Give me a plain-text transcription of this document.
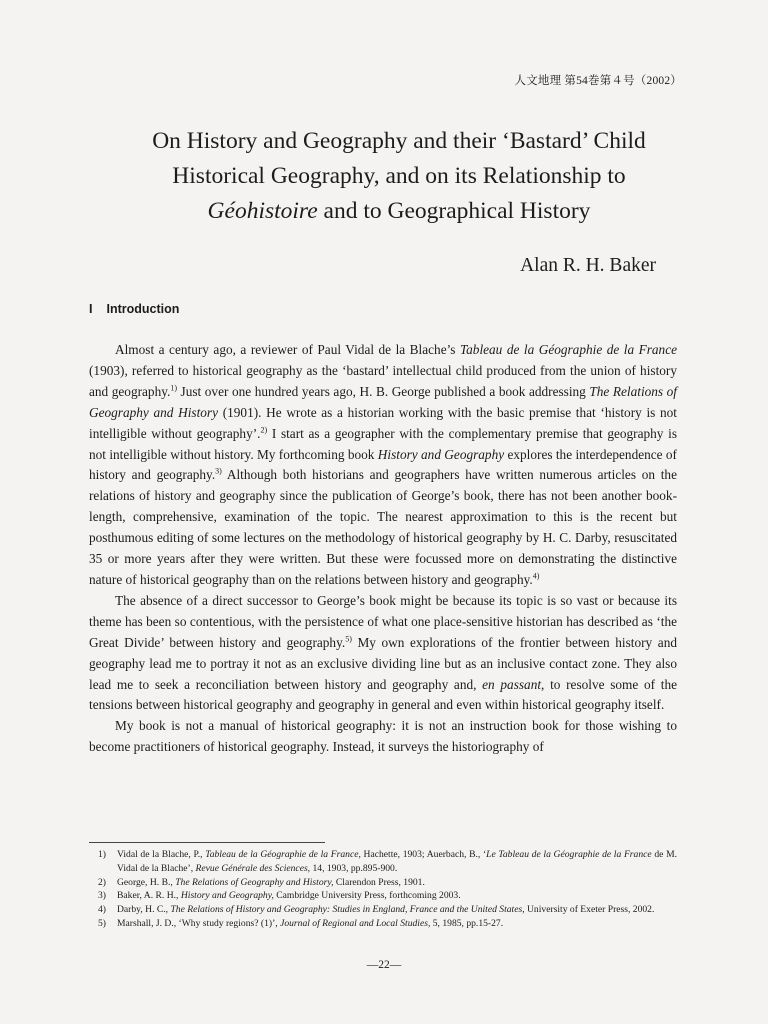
人文地理 第54巻第４号（2002）
On History and Geography and their ‘Bastard’ Child
Historical Geography, and on its Relationship to
Géohistoire and to Geographical History
Alan R. H. Baker
I Introduction

Almost a century ago, a reviewer of Paul Vidal de la Blache’s Tableau de la Géographie de la France (1903), referred to historical geography as the ‘bastard’ intellectual child produced from the union of history and geography.$^{1)}$ Just over one hundred years ago, H. B. George published a book addressing The Relations of Geography and History (1901). He wrote as a historian working with the basic premise that ‘history is not intelligible without geography’.$^{2)}$ I start as a geographer with the complementary premise that geography is not intelligible without history. My forthcoming book History and Geography explores the interdependence of history and geography.$^{3)}$ Although both historians and geographers have written numerous articles on the relations of history and geography since the publication of George’s book, there has not been another book-length, comprehensive, examination of the topic. The nearest approximation to this is the recent but posthumous editing of some lectures on the methodology of historical geography by H. C. Darby, resuscitated 35 or more years after they were written. But these were focussed more on demonstrating the distinctive nature of historical geography than on the relations between history and geography.$^{4)}$

The absence of a direct successor to George’s book might be because its topic is so vast or because its theme has been so contentious, with the persistence of what one place-sensitive historian has described as ‘the Great Divide’ between history and geography.$^{5)}$ My own explorations of the frontier between history and geography lead me to portray it not as an exclusive dividing line but as an inclusive contact zone. They also lead me to seek a reconciliation between history and geography and, en passant, to resolve some of the tensions between historical geography and geography in general and even within historical geography itself.

My book is not a manual of historical geography: it is not an instruction book for those wishing to become practitioners of historical geography. Instead, it surveys the historiography of

1) Vidal de la Blache, P., Tableau de la Géographie de la France, Hachette, 1903; Auerbach, B., ‘Le Tableau de la Géographie de la France de M. Vidal de la Blache’, Revue Générale des Sciences, 14, 1903, pp.895-900.
2) George, H. B., The Relations of Geography and History, Clarendon Press, 1901.
3) Baker, A. R. H., History and Geography, Cambridge University Press, forthcoming 2003.
4) Darby, H. C., The Relations of History and Geography: Studies in England, France and the United States, University of Exeter Press, 2002.
5) Marshall, J. D., ‘Why study regions? (1)’, Journal of Regional and Local Studies, 5, 1985, pp.15-27.
—22—
